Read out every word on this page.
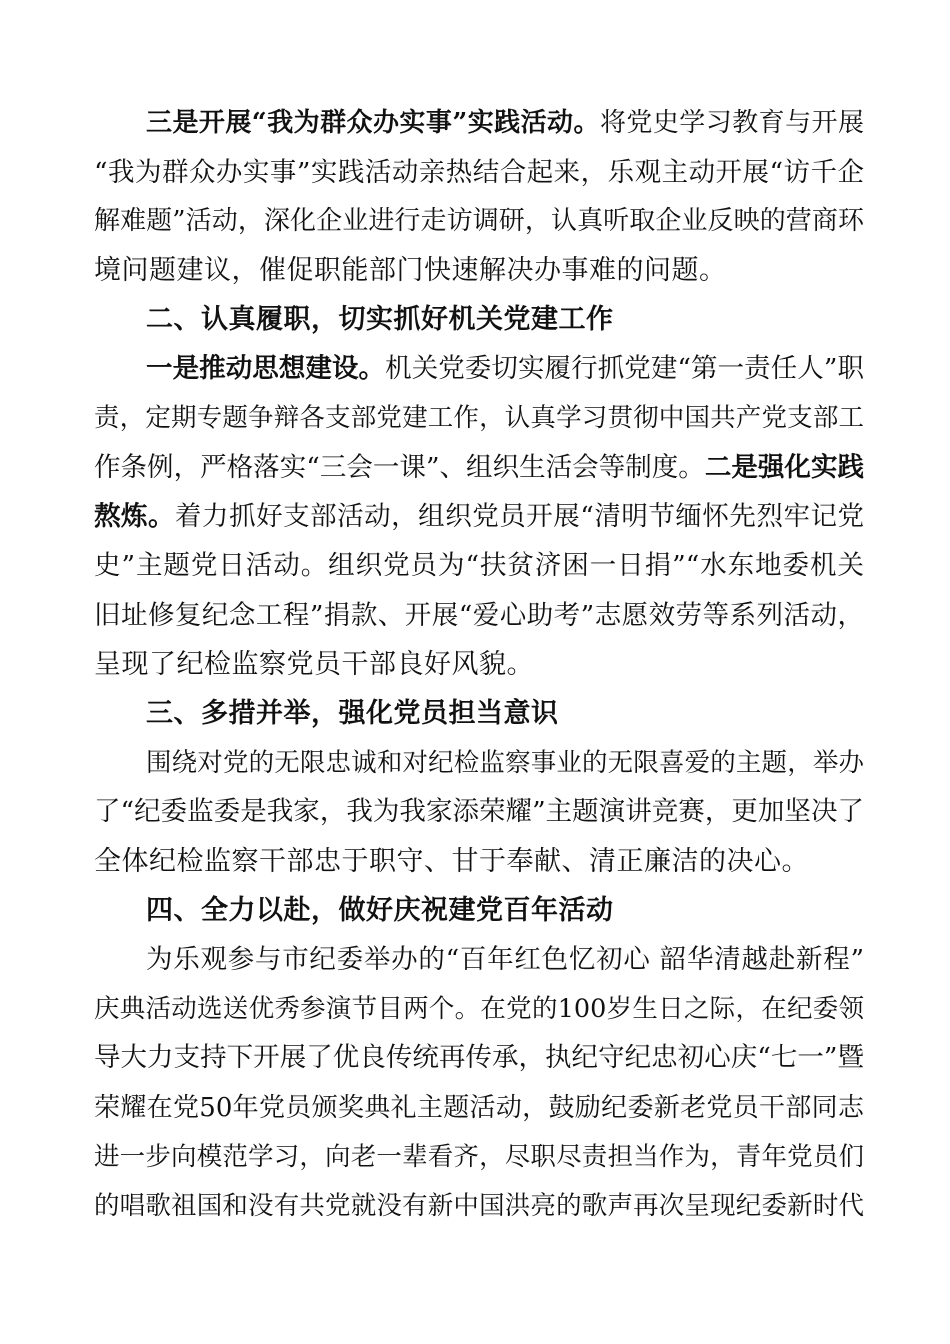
三是开展“我为群众办实事”实践活动。将党史学习教育与开展
“我为群众办实事”实践活动亲热结合起来，乐观主动开展“访千企
解难题”活动，深化企业进行走访调研，认真听取企业反映的营商环
境问题建议，催促职能部门快速解决办事难的问题。
二、认真履职，切实抓好机关党建工作
一是推动思想建设。机关党委切实履行抓党建“第一责任人”职
责，定期专题争辩各支部党建工作，认真学习贯彻中国共产党支部工
作条例，严格落实“三会一课”、组织生活会等制度。二是强化实践
熬炼。着力抓好支部活动，组织党员开展“清明节缅怀先烈牢记党
史”主题党日活动。组织党员为“扶贫济困一日捐”“水东地委机关
旧址修复纪念工程”捐款、开展“爱心助考”志愿效劳等系列活动，
呈现了纪检监察党员干部良好风貌。
三、多措并举，强化党员担当意识
围绕对党的无限忠诚和对纪检监察事业的无限喜爱的主题，举办
了“纪委监委是我家，我为我家添荣耀”主题演讲竞赛，更加坚决了
全体纪检监察干部忠于职守、甘于奉献、清正廉洁的决心。
四、全力以赴，做好庆祝建党百年活动
为乐观参与市纪委举办的“百年红色忆初心 韶华清越赴新程”
庆典活动选送优秀参演节目两个。在党的100岁生日之际，在纪委领
导大力支持下开展了优良传统再传承，执纪守纪忠初心庆“七一”暨
荣耀在党50年党员颁奖典礼主题活动，鼓励纪委新老党员干部同志
进一步向模范学习，向老一辈看齐，尽职尽责担当作为，青年党员们
的唱歌祖国和没有共党就没有新中国洪亮的歌声再次呈现纪委新时代
